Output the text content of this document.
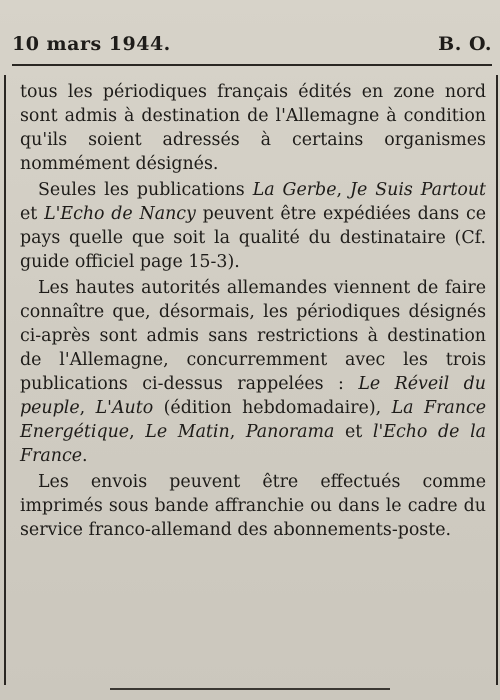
10 mars 1944.	B. O.

tous les périodiques français édités en zone nord sont admis à destination de l'Allemagne à condition qu'ils soient adressés à certains organismes nommément désignés.

Seules les publications La Gerbe, Je Suis Partout et L'Echo de Nancy peuvent être expédiées dans ce pays quelle que soit la qualité du destinataire (Cf. guide officiel page 15-3).

Les hautes autorités allemandes viennent de faire connaître que, désormais, les périodiques désignés ci-après sont admis sans restrictions à destination de l'Allemagne, concurremment avec les trois publications ci-dessus rappelées : Le Réveil du peuple, L'Auto (édition hebdomadaire), La France Energétique, Le Matin, Panorama et l'Echo de la France.

Les envois peuvent être effectués comme imprimés sous bande affranchie ou dans le cadre du service franco-allemand des abonnements-poste.
